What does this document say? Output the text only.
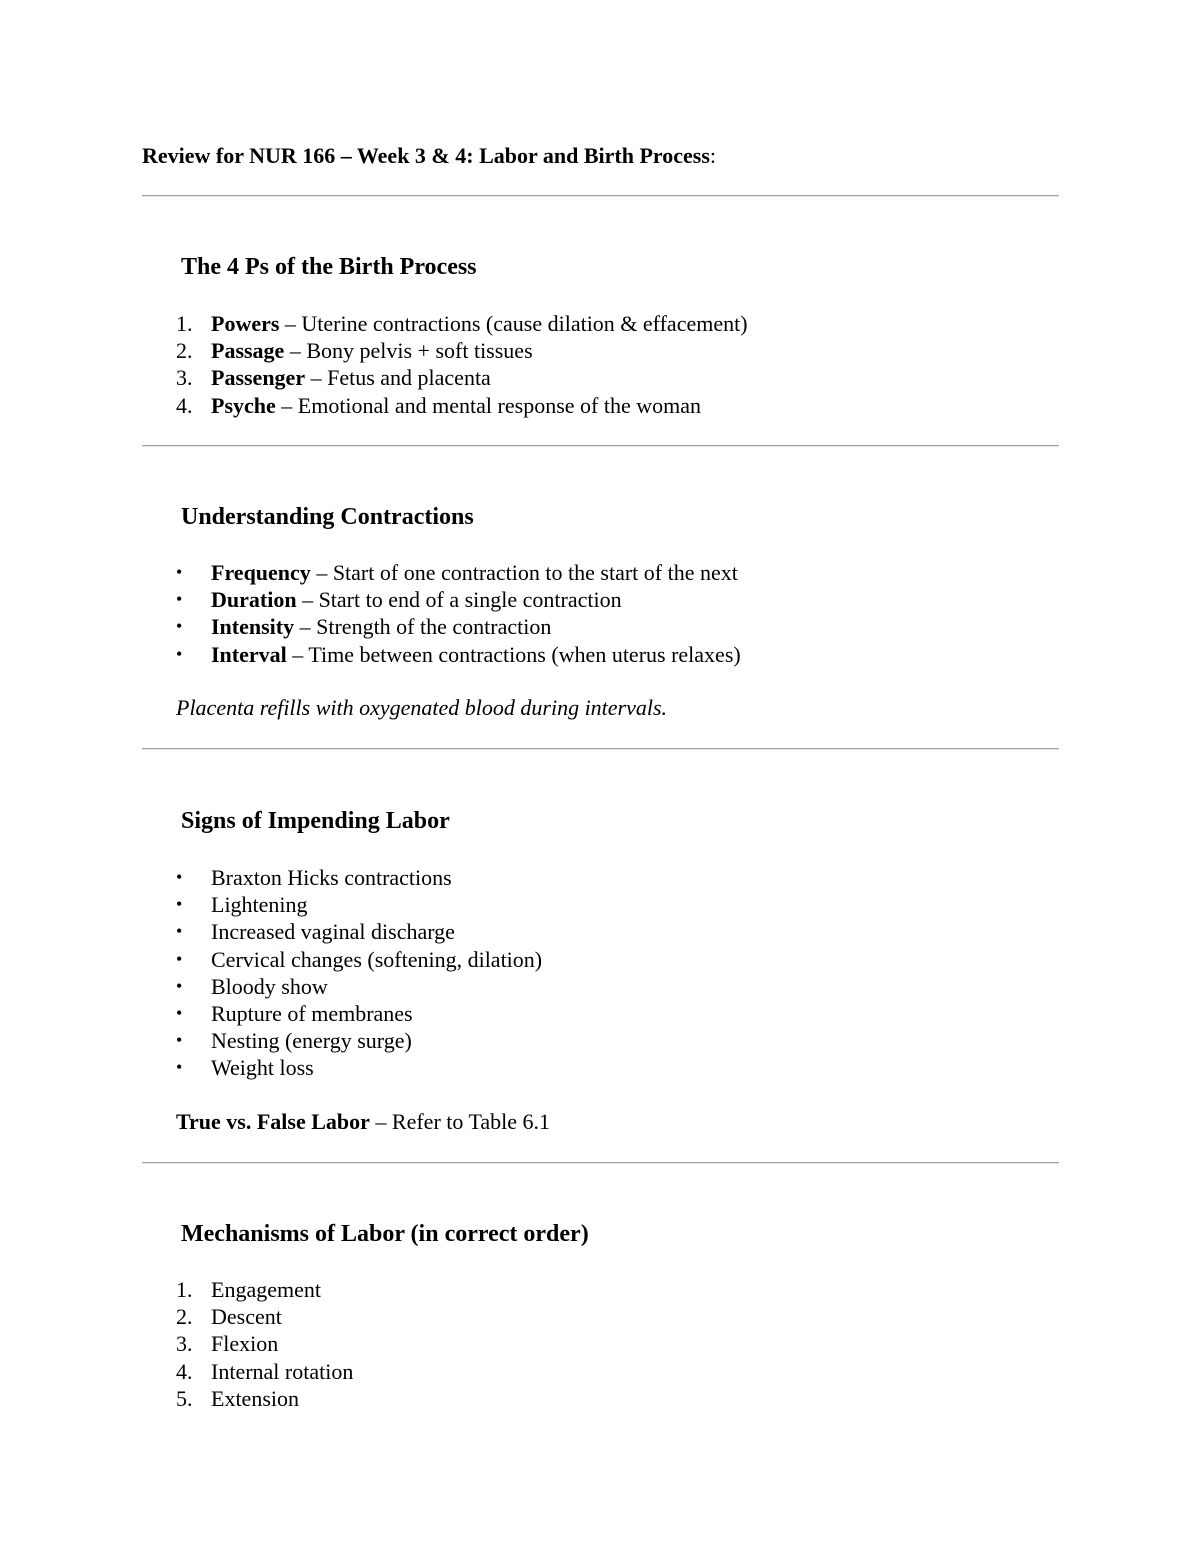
Review for NUR 166 – Week 3 & 4: Labor and Birth Process:
The 4 Ps of the Birth Process
1. Powers – Uterine contractions (cause dilation & effacement)
2. Passage – Bony pelvis + soft tissues
3. Passenger – Fetus and placenta
4. Psyche – Emotional and mental response of the woman
Understanding Contractions
• Frequency – Start of one contraction to the start of the next
• Duration – Start to end of a single contraction
• Intensity – Strength of the contraction
• Interval – Time between contractions (when uterus relaxes)
Placenta refills with oxygenated blood during intervals.
Signs of Impending Labor
• Braxton Hicks contractions
• Lightening
• Increased vaginal discharge
• Cervical changes (softening, dilation)
• Bloody show
• Rupture of membranes
• Nesting (energy surge)
• Weight loss
True vs. False Labor – Refer to Table 6.1
Mechanisms of Labor (in correct order)
1. Engagement
2. Descent
3. Flexion
4. Internal rotation
5. Extension
